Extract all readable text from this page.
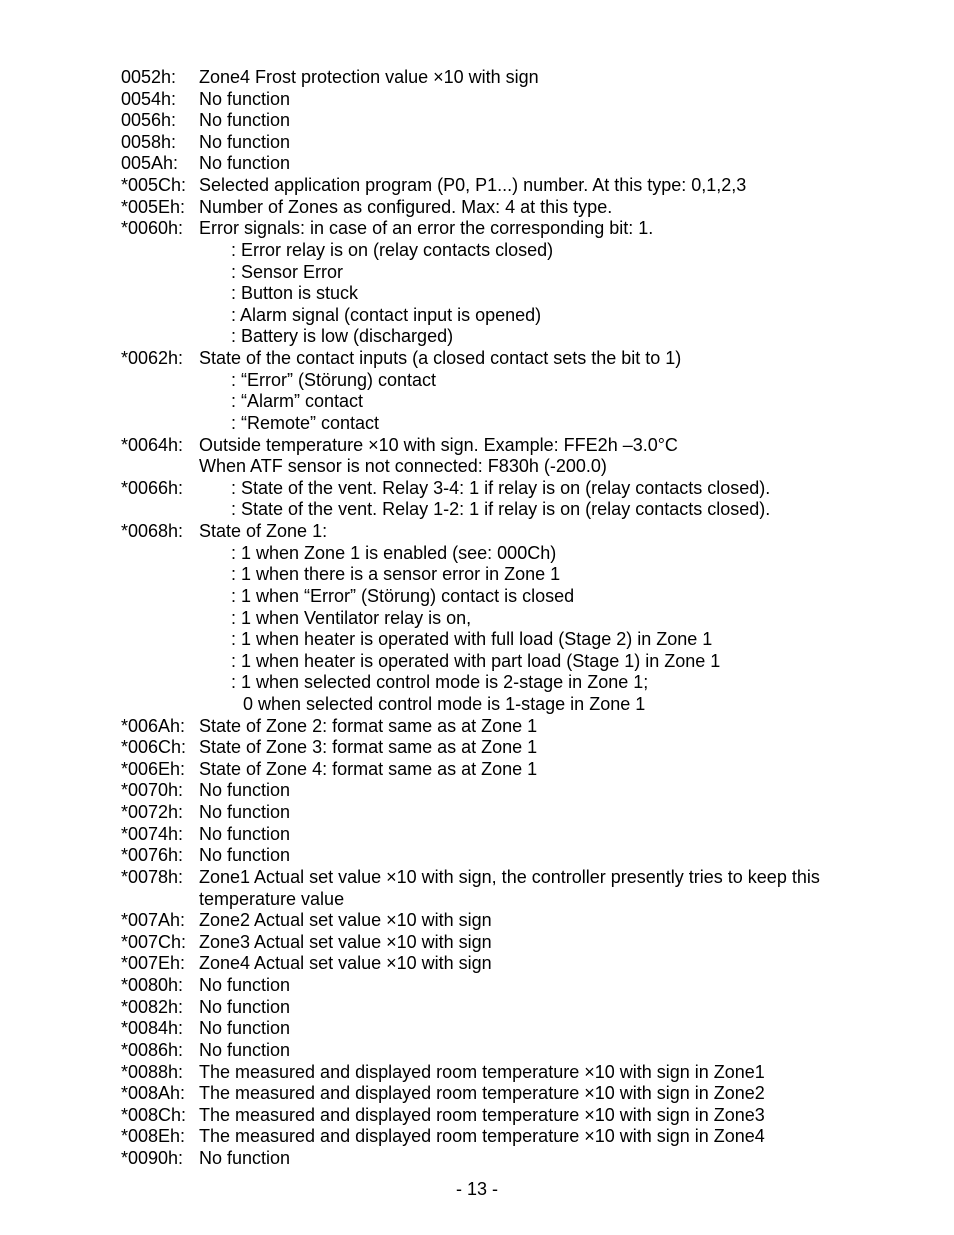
0052h: Zone4 Frost protection value ×10 with sign
0054h: No function
0056h: No function
0058h: No function
005Ah: No function
*005Ch: Selected application program (P0, P1...) number. At this type: 0,1,2,3
*005Eh: Number of Zones as configured. Max: 4 at this type.
*0060h: Error signals: in case of an error the corresponding bit: 1.
: Error relay is on (relay contacts closed)
: Sensor Error
: Button is stuck
: Alarm signal (contact input is opened)
: Battery is low (discharged)
*0062h: State of the contact inputs (a closed contact sets the bit to 1)
: “Error” (Störung) contact
: “Alarm” contact
: “Remote” contact
*0064h: Outside temperature ×10 with sign. Example: FFE2h –3.0°C
When ATF sensor is not connected: F830h (-200.0)
*0066h:	: State of the vent. Relay 3-4: 1 if relay is on (relay contacts closed).
: State of the vent. Relay 1-2: 1 if relay is on (relay contacts closed).
*0068h: State of Zone 1:
: 1 when Zone 1 is enabled (see: 000Ch)
: 1 when there is a sensor error in Zone 1
: 1 when “Error” (Störung) contact is closed
: 1 when Ventilator relay is on,
: 1 when heater is operated with full load (Stage 2) in Zone 1
: 1 when heater is operated with part load (Stage 1) in Zone 1
: 1 when selected control mode is 2-stage in Zone 1;
0 when selected control mode is 1-stage in Zone 1
*006Ah: State of Zone 2: format same as at Zone 1
*006Ch: State of Zone 3: format same as at Zone 1
*006Eh: State of Zone 4: format same as at Zone 1
*0070h: No function
*0072h: No function
*0074h: No function
*0076h: No function
*0078h: Zone1 Actual set value ×10 with sign, the controller presently tries to keep this
temperature value
*007Ah: Zone2 Actual set value ×10 with sign
*007Ch: Zone3 Actual set value ×10 with sign
*007Eh: Zone4 Actual set value ×10 with sign
*0080h: No function
*0082h: No function
*0084h: No function
*0086h: No function
*0088h: The measured and displayed room temperature ×10 with sign in Zone1
*008Ah: The measured and displayed room temperature ×10 with sign in Zone2
*008Ch: The measured and displayed room temperature ×10 with sign in Zone3
*008Eh: The measured and displayed room temperature ×10 with sign in Zone4
*0090h: No function
- 13 -
